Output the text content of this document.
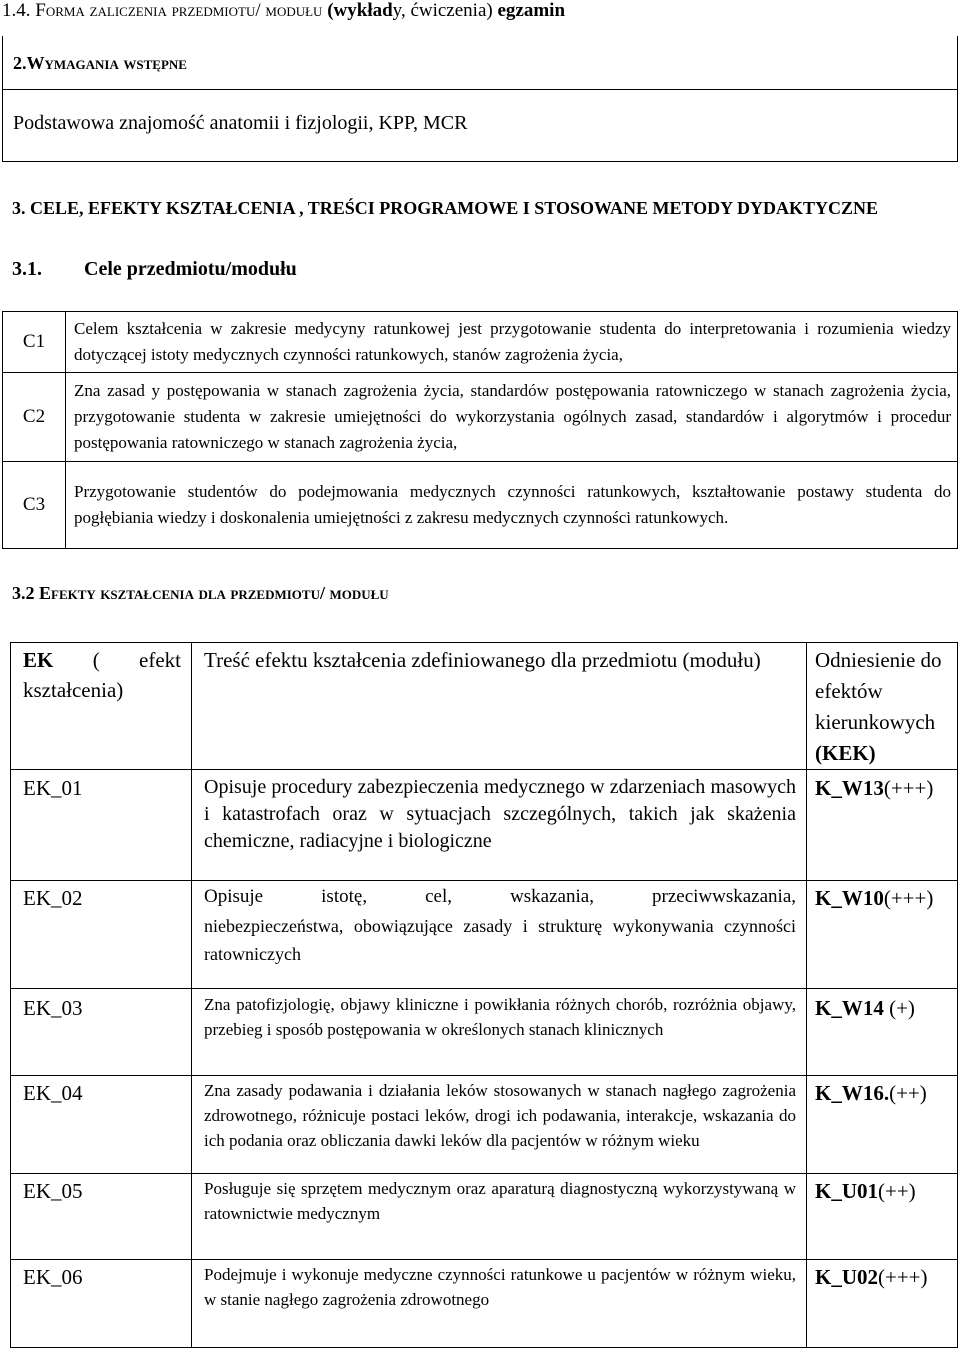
1.4. Forma zaliczenia przedmiotu/ modułu (wykłady, ćwiczenia) egzamin
2.Wymagania wstępne
Podstawowa znajomość anatomii i fizjologii, KPP, MCR
3. CELE, EFEKTY KSZTAŁCENIA , TREŚCI PROGRAMOWE I STOSOWANE METODY DYDAKTYCZNE
3.1. Cele przedmiotu/modułu
C1	Celem kształcenia w zakresie medycyny ratunkowej jest przygotowanie studenta do interpretowania i rozumienia wiedzy dotyczącej istoty medycznych czynności ratunkowych, stanów zagrożenia życia,
C2	Zna zasad y postępowania w stanach zagrożenia życia, standardów postępowania ratowniczego w stanach zagrożenia życia, przygotowanie studenta w zakresie umiejętności do wykorzystania ogólnych zasad, standardów i algorytmów i procedur postępowania ratowniczego w stanach zagrożenia życia,
C3	Przygotowanie studentów do podejmowania medycznych czynności ratunkowych, kształtowanie postawy studenta do pogłębiania wiedzy i doskonalenia umiejętności z zakresu medycznych czynności ratunkowych.
3.2 Efekty kształcenia dla przedmiotu/ modułu
EK ( efekt kształcenia)	Treść efektu kształcenia zdefiniowanego dla przedmiotu (modułu)	Odniesienie do efektów kierunkowych (KEK)
EK_01	Opisuje procedury zabezpieczenia medycznego w zdarzeniach masowych i katastrofach oraz w sytuacjach szczególnych, takich jak skażenia chemiczne, radiacyjne i biologiczne	K_W13(+++)
EK_02	Opisuje istotę, cel, wskazania, przeciwwskazania,
niebezpieczeństwa, obowiązujące zasady i strukturę wykonywania czynności ratowniczych	K_W10(+++)
EK_03	Zna patofizjologię, objawy kliniczne i powikłania różnych chorób, rozróżnia objawy, przebieg i sposób postępowania w określonych stanach klinicznych	K_W14 (+)
EK_04	Zna zasady podawania i działania leków stosowanych w stanach nagłego zagrożenia zdrowotnego, różnicuje postaci leków, drogi ich podawania, interakcje, wskazania do ich podania oraz obliczania dawki leków dla pacjentów w różnym wieku	K_W16.(++)
EK_05	Posługuje się sprzętem medycznym oraz aparaturą diagnostyczną wykorzystywaną w ratownictwie medycznym	K_U01(++)
EK_06	Podejmuje i wykonuje medyczne czynności ratunkowe u pacjentów w różnym wieku, w stanie nagłego zagrożenia zdrowotnego	K_U02(+++)
